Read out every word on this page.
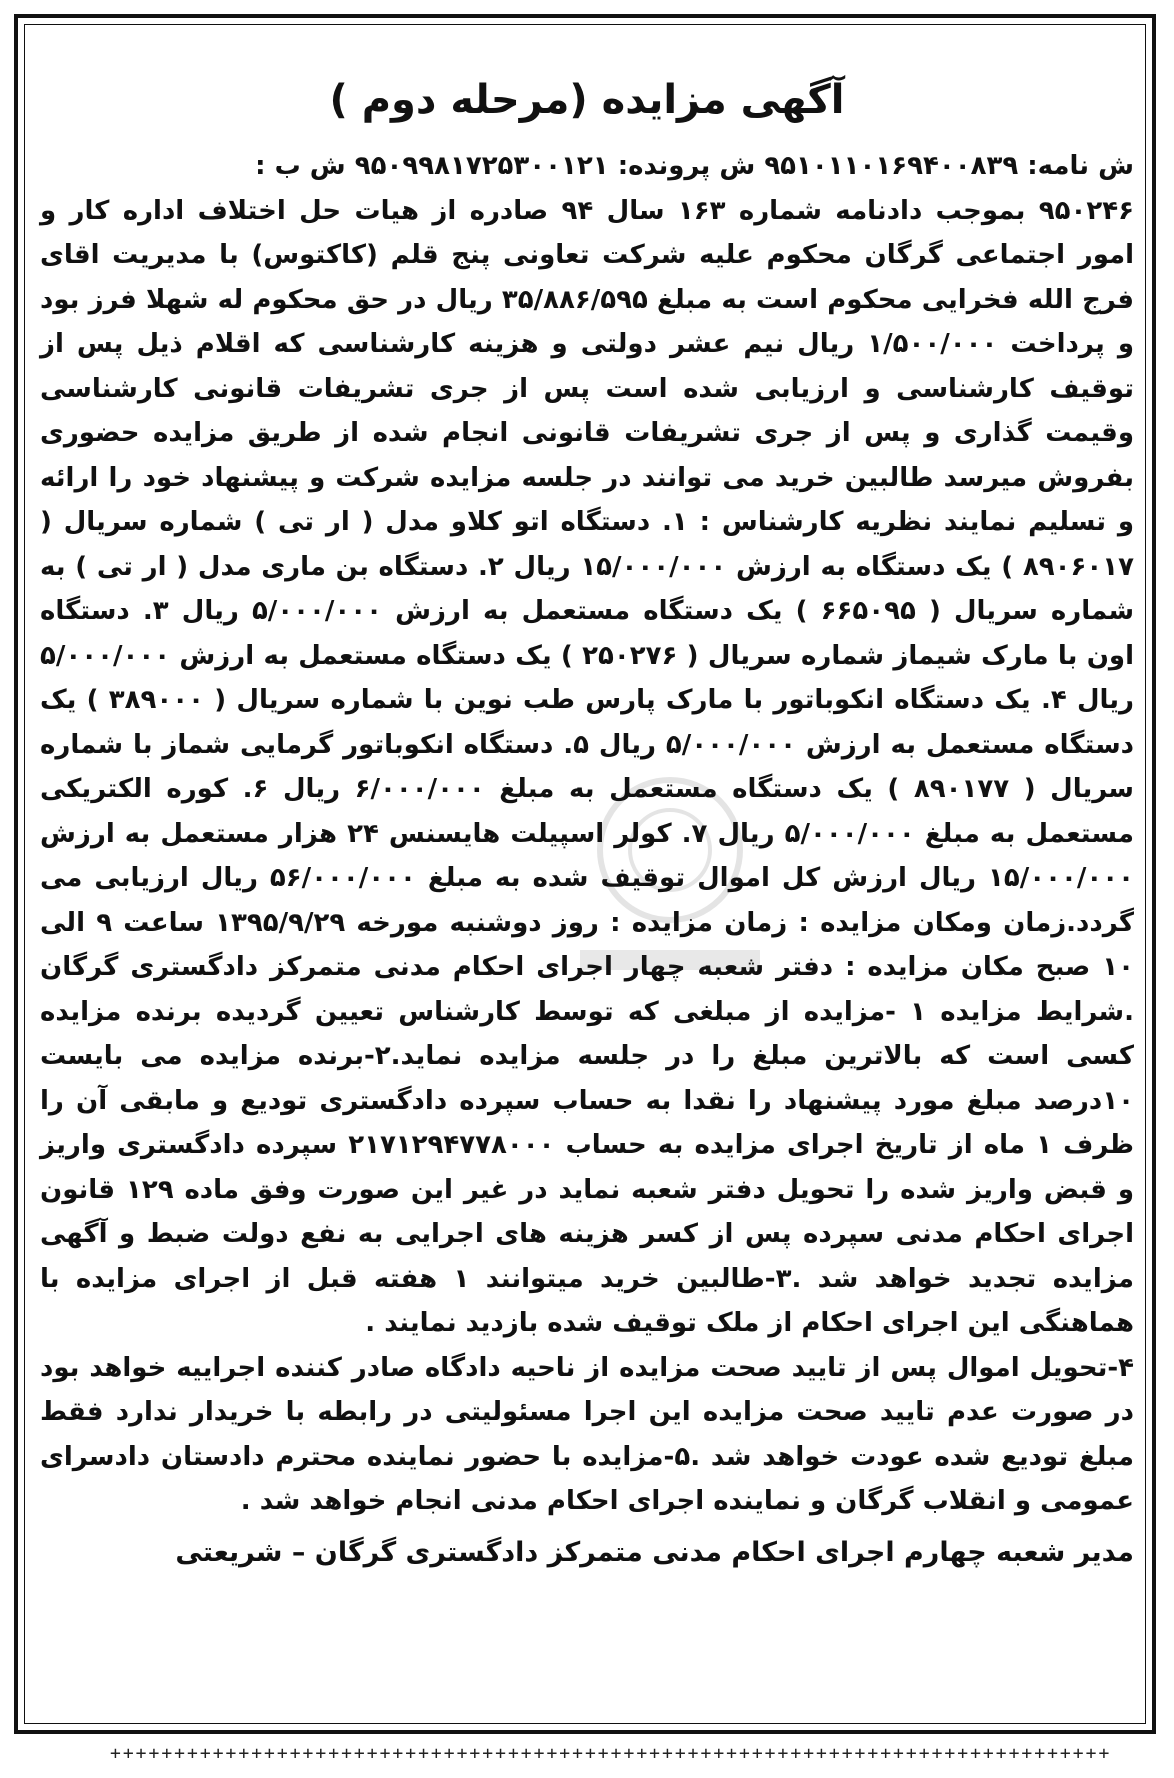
آگهی مزایده (مرحله دوم )

ش نامه: ۹۵۱۰۱۱۰۱۶۹۴۰۰۸۳۹ ش پرونده: ۹۵۰۹۹۸۱۷۲۵۳۰۰۱۲۱ ش ب :

۹۵۰۲۴۶ بموجب دادنامه شماره ۱۶۳ سال ۹۴ صادره از هیات حل اختلاف اداره کار و امور اجتماعی گرگان محکوم علیه شرکت تعاونی پنج قلم (کاکتوس) با مدیریت اقای فرج الله فخرایی محکوم است به مبلغ ۳۵/۸۸۶/۵۹۵ ریال در حق محکوم له شهلا فرز بود و پرداخت ۱/۵۰۰/۰۰۰ ریال نیم عشر دولتی و هزینه کارشناسی که اقلام ذیل پس از توقیف کارشناسی و ارزیابی شده است پس از جری تشریفات قانونی کارشناسی وقیمت گذاری و پس از جری تشریفات قانونی انجام شده از طریق مزایده حضوری بفروش میرسد طالبین خرید می توانند در جلسه مزایده شرکت و پیشنهاد خود را ارائه و تسلیم نمایند نظریه کارشناس : ۱. دستگاه اتو کلاو مدل ( ار تی ) شماره سریال ( ۸۹۰۶۰۱۷ ) یک دستگاه به ارزش ۱۵/۰۰۰/۰۰۰ ریال ۲. دستگاه بن ماری مدل ( ار تی ) به شماره سریال ( ۶۶۵۰۹۵ ) یک دستگاه مستعمل به ارزش ۵/۰۰۰/۰۰۰ ریال ۳. دستگاه اون با مارک شیماز شماره سریال ( ۲۵۰۲۷۶ ) یک دستگاه مستعمل به ارزش ۵/۰۰۰/۰۰۰ ریال ۴. یک دستگاه انکوباتور با مارک پارس طب نوین با شماره سریال ( ۳۸۹۰۰۰ ) یک دستگاه مستعمل به ارزش ۵/۰۰۰/۰۰۰ ریال ۵. دستگاه انکوباتور گرمایی شماز با شماره سریال ( ۸۹۰۱۷۷ ) یک دستگاه مستعمل به مبلغ ۶/۰۰۰/۰۰۰ ریال ۶. کوره الکتریکی مستعمل به مبلغ ۵/۰۰۰/۰۰۰ ریال ۷. کولر اسپیلت هایسنس ۲۴ هزار مستعمل به ارزش ۱۵/۰۰۰/۰۰۰ ریال ارزش کل اموال توقیف شده به مبلغ ۵۶/۰۰۰/۰۰۰ ریال ارزیابی می گردد.زمان ومکان مزایده : زمان مزایده : روز دوشنبه مورخه ۱۳۹۵/۹/۲۹ ساعت ۹ الی ۱۰ صبح مکان مزایده : دفتر شعبه چهار اجرای احکام مدنی متمرکز دادگستری گرگان .شرایط مزایده ۱ -مزایده از مبلغی که توسط کارشناس تعیین گردیده برنده مزایده کسی است که بالاترین مبلغ را در جلسه مزایده نماید.۲-برنده مزایده می بایست ۱۰درصد مبلغ مورد پیشنهاد را نقدا به حساب سپرده دادگستری تودیع و مابقی آن را ظرف ۱ ماه از تاریخ اجرای مزایده به حساب ۲۱۷۱۲۹۴۷۷۸۰۰۰ سپرده دادگستری واریز و قبض واریز شده را تحویل دفتر شعبه نماید در غیر این صورت وفق ماده ۱۲۹ قانون اجرای احکام مدنی سپرده پس از کسر هزینه های اجرایی به نفع دولت ضبط و آگهی مزایده تجدید خواهد شد .۳-طالبین خرید میتوانند ۱ هفته قبل از اجرای مزایده با هماهنگی این اجرای احکام از ملک توقیف شده بازدید نمایند .

۴-تحویل اموال پس از تایید صحت مزایده از ناحیه دادگاه صادر کننده اجراییه خواهد بود در صورت عدم تایید صحت مزایده این اجرا مسئولیتی در رابطه با خریدار ندارد فقط مبلغ تودیع شده عودت خواهد شد .۵-مزایده با حضور نماینده محترم دادستان دادسرای عمومی و انقلاب گرگان و نماینده اجرای احکام مدنی انجام خواهد شد .

مدیر شعبه چهارم اجرای احکام مدنی متمرکز دادگستری گرگان – شریعتی

++++++++++++++++++++++++++++++++++++++++++++++++++++++++++++++++++++++++++++++
